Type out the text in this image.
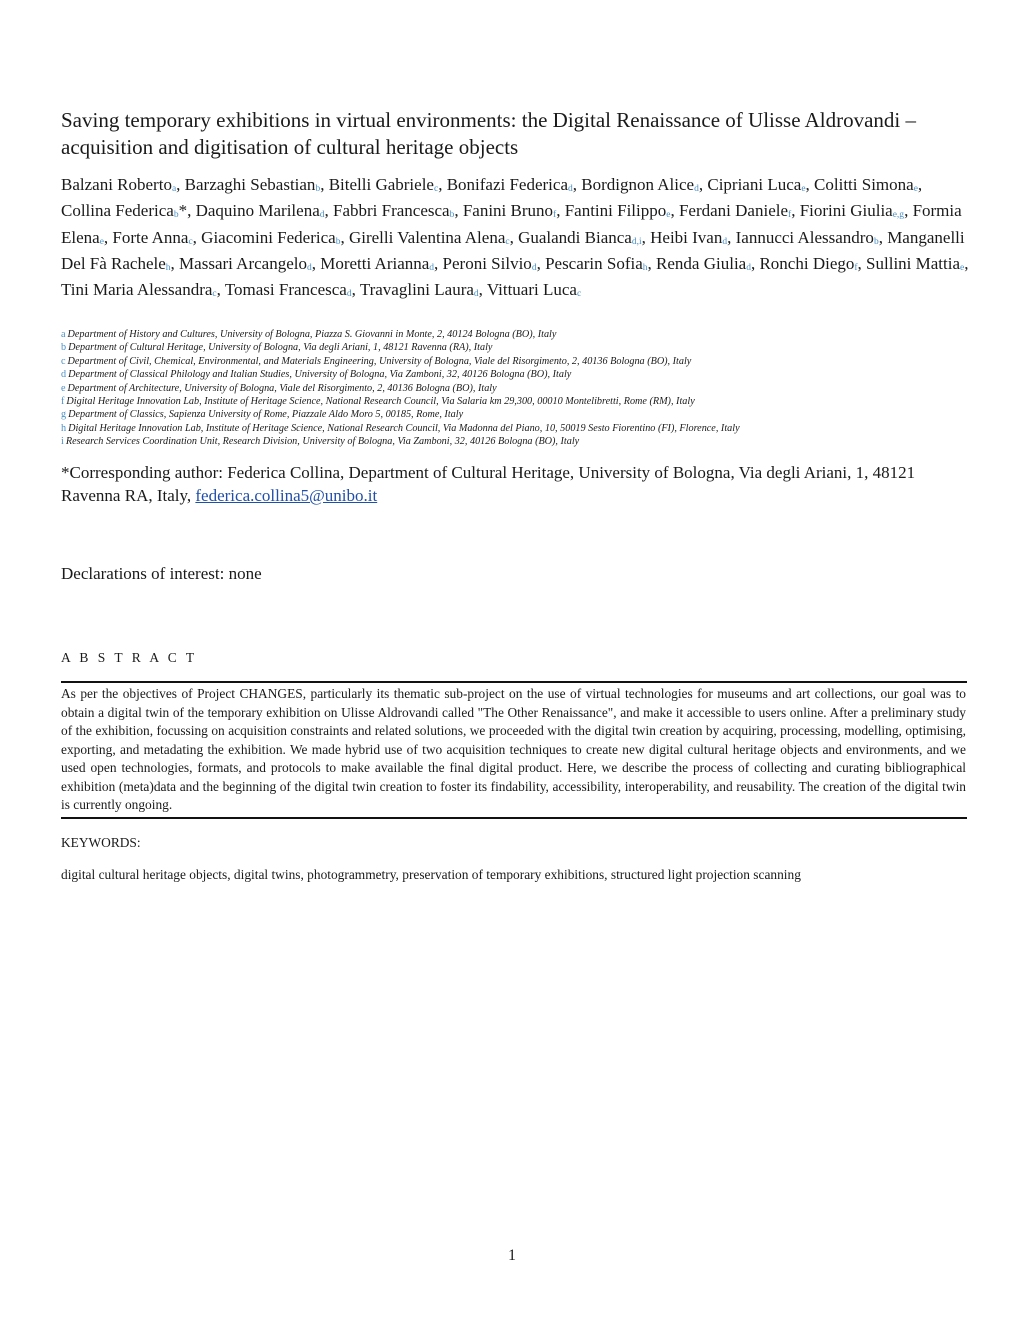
Saving temporary exhibitions in virtual environments: the Digital Renaissance of Ulisse Aldrovandi – acquisition and digitisation of cultural heritage objects
Balzani Robertoa, Barzaghi Sebastianb, Bitelli Gabrielec, Bonifazi Federicad, Bordignon Aliced, Cipriani Lucae, Colitti Simonae, Collina Federicab*, Daquino Marilenad, Fabbri Francescab, Fanini Brunof, Fantini Filippoe, Ferdani Danielef, Fiorini Giuliae,g, Formia Elenae, Forte Annac, Giacomini Federicab, Girelli Valentina Alenac, Gualandi Biancad,i, Heibi Ivand, Iannucci Alessandrob, Manganelli Del Fà Racheleh, Massari Arcangelod, Moretti Ariannad, Peroni Silviod, Pescarin Sofiah, Renda Giuliad, Ronchi Diegof, Sullini Mattiae, Tini Maria Alessandrac, Tomasi Francescad, Travaglini Laurad, Vittuari Lucac
a Department of History and Cultures, University of Bologna, Piazza S. Giovanni in Monte, 2, 40124 Bologna (BO), Italy
b Department of Cultural Heritage, University of Bologna, Via degli Ariani, 1, 48121 Ravenna (RA), Italy
c Department of Civil, Chemical, Environmental, and Materials Engineering, University of Bologna, Viale del Risorgimento, 2, 40136 Bologna (BO), Italy
d Department of Classical Philology and Italian Studies, University of Bologna, Via Zamboni, 32, 40126 Bologna (BO), Italy
e Department of Architecture, University of Bologna, Viale del Risorgimento, 2, 40136 Bologna (BO), Italy
f Digital Heritage Innovation Lab, Institute of Heritage Science, National Research Council, Via Salaria km 29,300, 00010 Montelibretti, Rome (RM), Italy
g Department of Classics, Sapienza University of Rome, Piazzale Aldo Moro 5, 00185, Rome, Italy
h Digital Heritage Innovation Lab, Institute of Heritage Science, National Research Council, Via Madonna del Piano, 10, 50019 Sesto Fiorentino (FI), Florence, Italy
i Research Services Coordination Unit, Research Division, University of Bologna, Via Zamboni, 32, 40126 Bologna (BO), Italy
*Corresponding author: Federica Collina, Department of Cultural Heritage, University of Bologna, Via degli Ariani, 1, 48121 Ravenna RA, Italy, federica.collina5@unibo.it
Declarations of interest: none
A B S T R A C T
As per the objectives of Project CHANGES, particularly its thematic sub-project on the use of virtual technologies for museums and art collections, our goal was to obtain a digital twin of the temporary exhibition on Ulisse Aldrovandi called "The Other Renaissance", and make it accessible to users online. After a preliminary study of the exhibition, focussing on acquisition constraints and related solutions, we proceeded with the digital twin creation by acquiring, processing, modelling, optimising, exporting, and metadating the exhibition. We made hybrid use of two acquisition techniques to create new digital cultural heritage objects and environments, and we used open technologies, formats, and protocols to make available the final digital product. Here, we describe the process of collecting and curating bibliographical exhibition (meta)data and the beginning of the digital twin creation to foster its findability, accessibility, interoperability, and reusability. The creation of the digital twin is currently ongoing.
KEYWORDS:
digital cultural heritage objects, digital twins, photogrammetry, preservation of temporary exhibitions, structured light projection scanning
1
